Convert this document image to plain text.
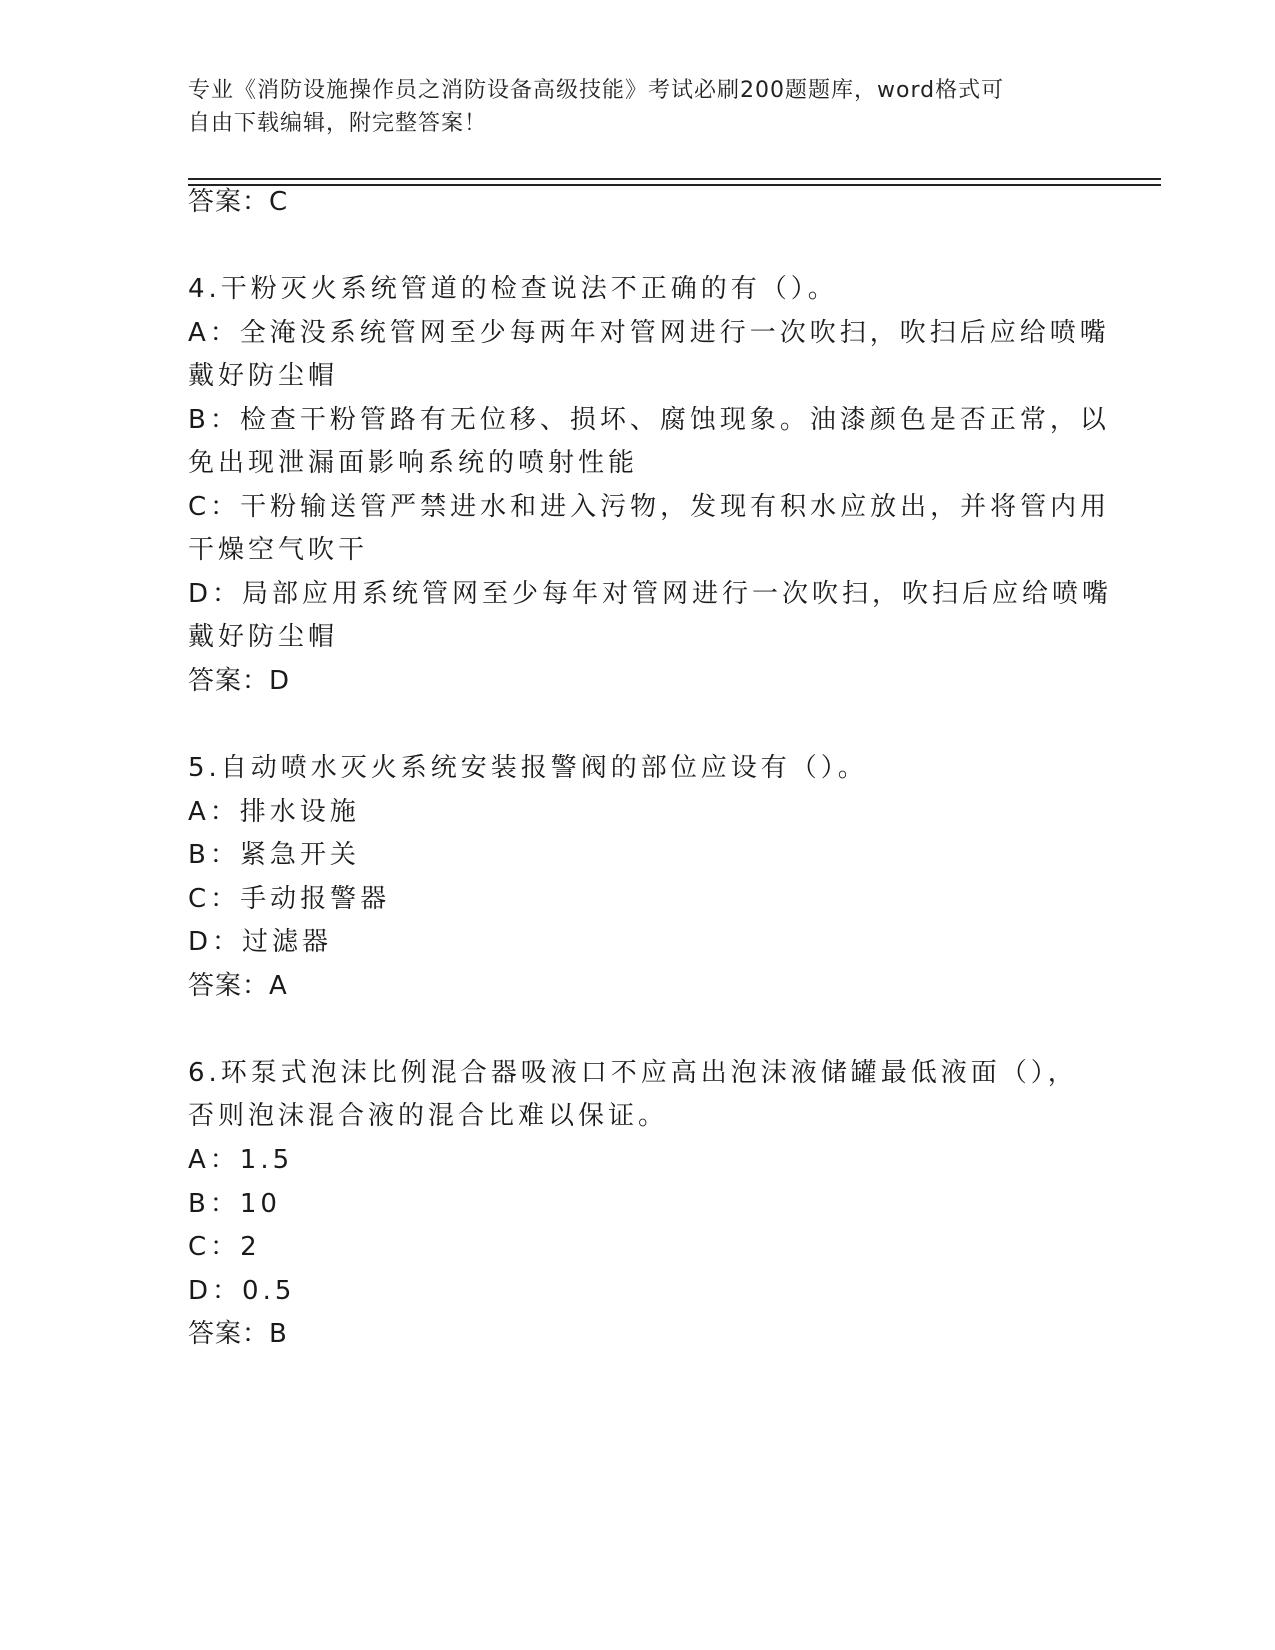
专业《消防设施操作员之消防设备高级技能》考试必刷200题题库，word格式可
自由下载编辑，附完整答案！
答案：C
4.干粉灭火系统管道的检查说法不正确的有（）。
A：全淹没系统管网至少每两年对管网进行一次吹扫，吹扫后应给喷嘴
戴好防尘帽
B：检查干粉管路有无位移、损坏、腐蚀现象。油漆颜色是否正常，以
免出现泄漏面影响系统的喷射性能
C：干粉输送管严禁进水和进入污物，发现有积水应放出，并将管内用
干燥空气吹干
D：局部应用系统管网至少每年对管网进行一次吹扫，吹扫后应给喷嘴
戴好防尘帽
答案：D
5.自动喷水灭火系统安装报警阀的部位应设有（）。
A：排水设施
B：紧急开关
C：手动报警器
D：过滤器
答案：A
6.环泵式泡沫比例混合器吸液口不应高出泡沫液储罐最低液面（），
否则泡沫混合液的混合比难以保证。
A：1.5
B：10
C：2
D：0.5
答案：B
